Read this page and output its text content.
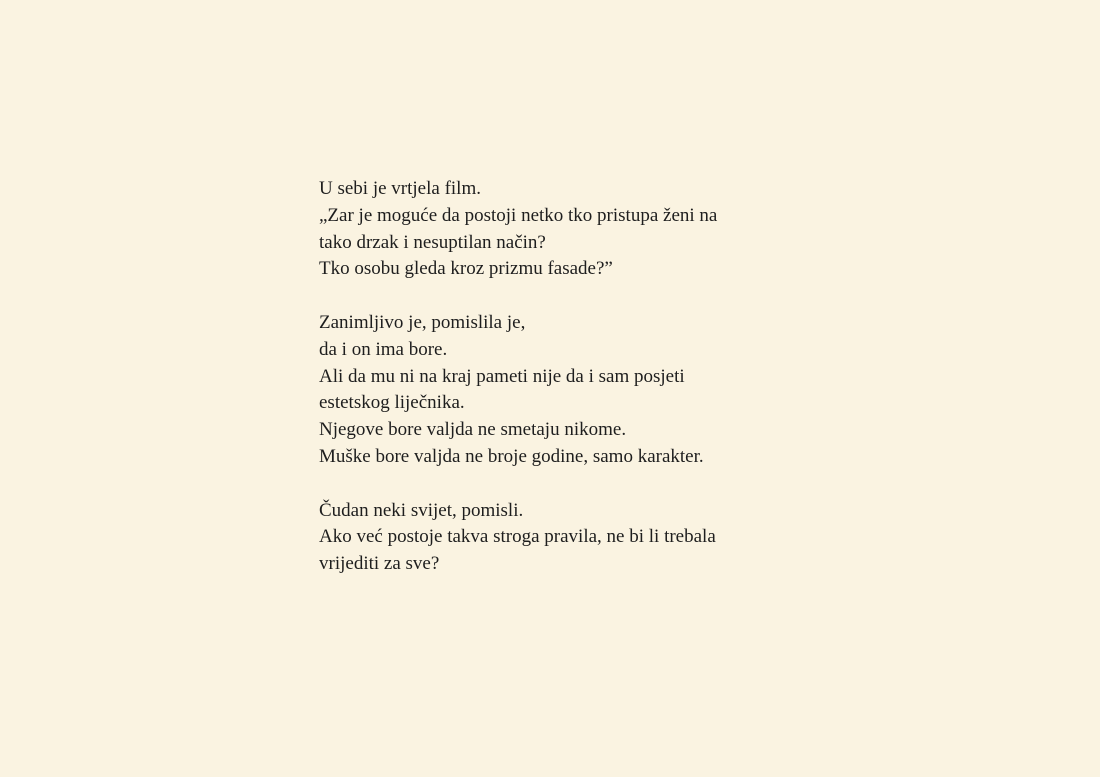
U sebi je vrtjela film.
„Zar je moguće da postoji netko tko pristupa ženi na
tako drzak i nesuptilan način?
Tko osobu gleda kroz prizmu fasade?”

Zanimljivo je, pomislila je,
da i on ima bore.
Ali da mu ni na kraj pameti nije da i sam posjeti
estetskog liječnika.
Njegove bore valjda ne smetaju nikome.
Muške bore valjda ne broje godine, samo karakter.

Čudan neki svijet, pomisli.
Ako već postoje takva stroga pravila, ne bi li trebala
vrijediti za sve?
